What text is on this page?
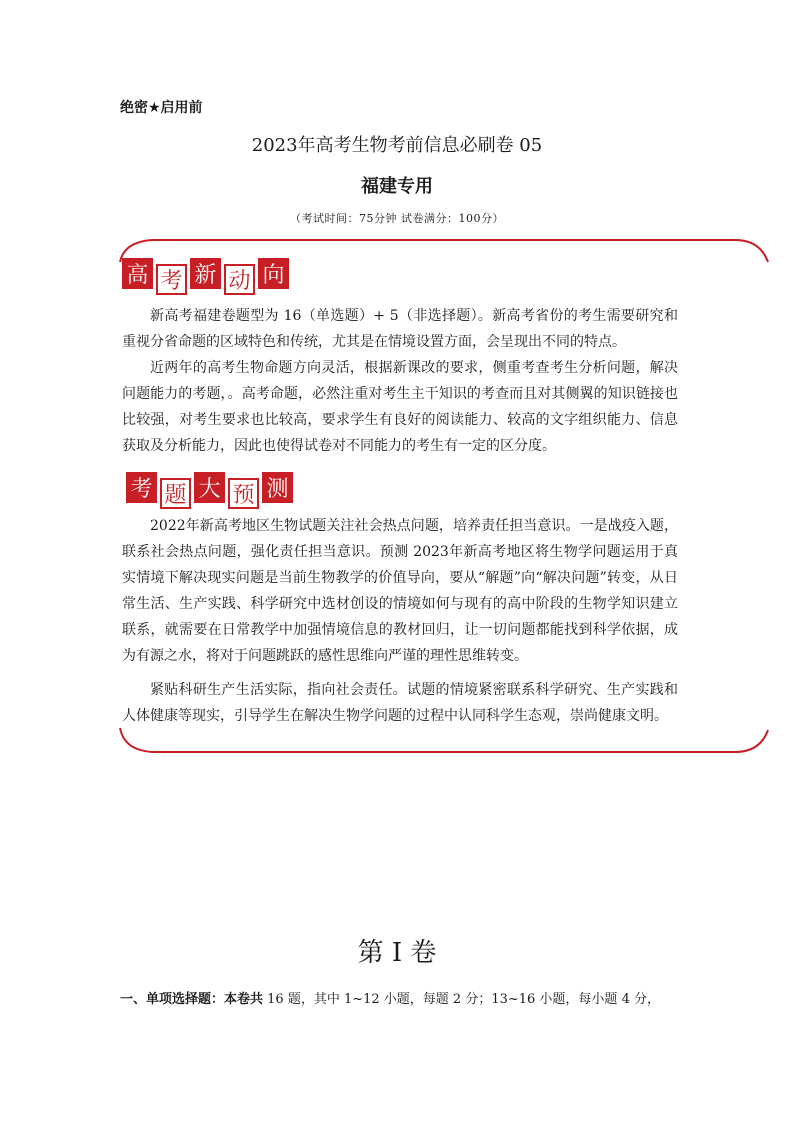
绝密★启用前
2023年高考生物考前信息必刷卷 05
福建专用
（考试时间：75分钟 试卷满分：100分）
高 考 新 动 向

新高考福建卷题型为 16（单选题）+ 5（非选择题）。新高考省份的考生需要研究和重视分省命题的区域特色和传统，尤其是在情境设置方面，会呈现出不同的特点。

近两年的高考生物命题方向灵活，根据新课改的要求，侧重考查考生分析问题，解决问题能力的考题，。高考命题，必然注重对考生主干知识的考查而且对其侧翼的知识链接也比较强，对考生要求也比较高，要求学生有良好的阅读能力、较高的文字组织能力、信息获取及分析能力，因此也使得试卷对不同能力的考生有一定的区分度。

考 题 大 预 测

2022年新高考地区生物试题关注社会热点问题，培养责任担当意识。一是战疫入题，联系社会热点问题，强化责任担当意识。预测 2023年新高考地区将生物学问题运用于真实情境下解决现实问题是当前生物教学的价值导向，要从“解题”向“解决问题”转变，从日常生活、生产实践、科学研究中选材创设的情境如何与现有的高中阶段的生物学知识建立联系，就需要在日常教学中加强情境信息的教材回归，让一切问题都能找到科学依据，成为有源之水，将对于问题跳跃的感性思维向严谨的理性思维转变。

紧贴科研生产生活实际，指向社会责任。试题的情境紧密联系科学研究、生产实践和人体健康等现实，引导学生在解决生物学问题的过程中认同科学生态观，崇尚健康文明。

第 I 卷
一、单项选择题：本卷共 16 题，其中 1~12 小题，每题 2 分；13~16 小题，每小题 4 分，
